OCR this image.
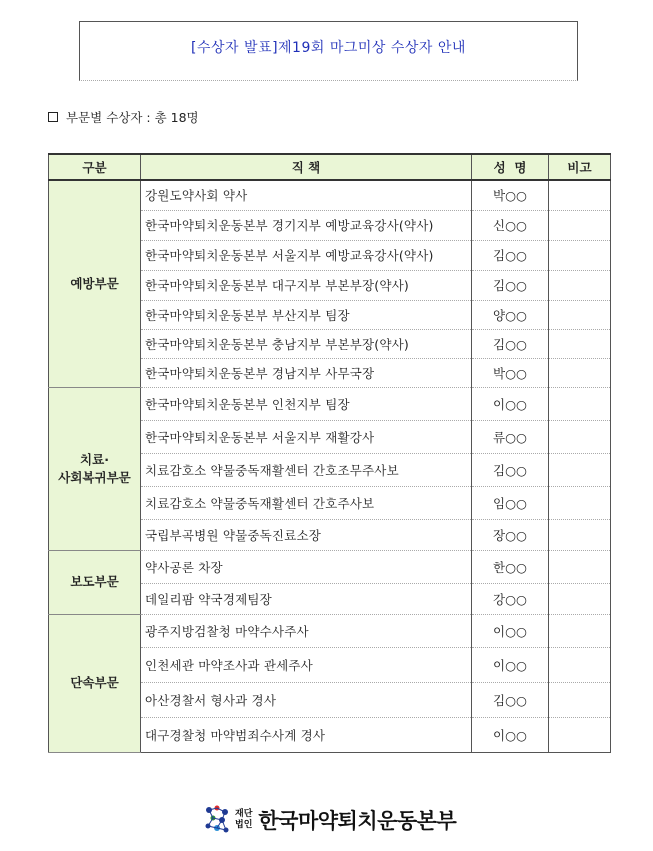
[수상자 발표]제19회 마그미상 수상자 안내
부문별 수상자 : 총 18명
구분	직 책	성  명	비고
예방부문	강원도약사회 약사	박○○	
	한국마약퇴치운동본부 경기지부 예방교육강사(약사)	신○○	
	한국마약퇴치운동본부 서울지부 예방교육강사(약사)	김○○	
	한국마약퇴치운동본부 대구지부 부본부장(약사)	김○○	
	한국마약퇴치운동본부 부산지부 팀장	양○○	
	한국마약퇴치운동본부 충남지부 부본부장(약사)	김○○	
	한국마약퇴치운동본부 경남지부 사무국장	박○○	
치료·
사회복귀부문	한국마약퇴치운동본부 인천지부 팀장	이○○	
	한국마약퇴치운동본부 서울지부 재활강사	류○○	
	치료감호소 약물중독재활센터 간호조무주사보	김○○	
	치료감호소 약물중독재활센터 간호주사보	임○○	
	국립부곡병원 약물중독진료소장	장○○	
보도부문	약사공론 차장	한○○	
	데일리팜 약국경제팀장	강○○	
단속부문	광주지방검찰청 마약수사주사	이○○	
	인천세관 마약조사과 관세주사	이○○	
	아산경찰서 형사과 경사	김○○	
	대구경찰청 마약범죄수사계 경사	이○○	
재단
법인 한국마약퇴치운동본부
